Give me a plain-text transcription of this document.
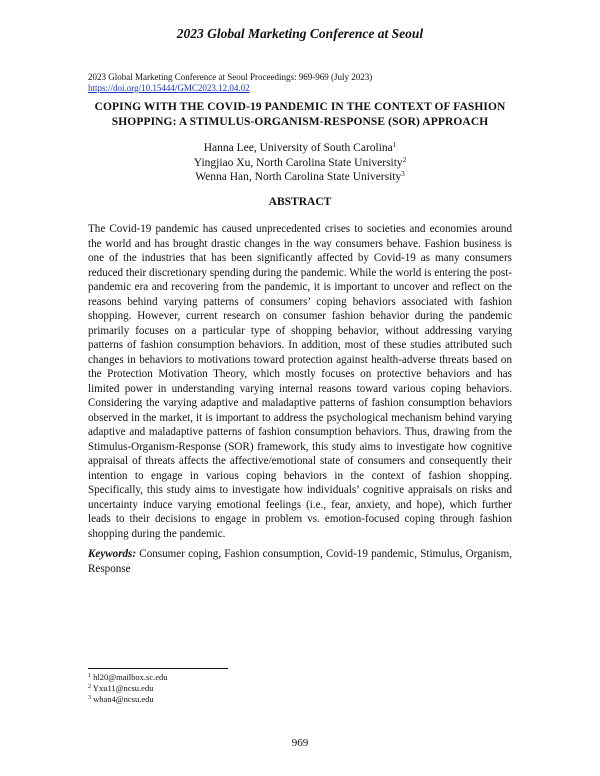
2023 Global Marketing Conference at Seoul
2023 Global Marketing Conference at Seoul Proceedings: 969-969 (July 2023)
https://doi.org/10.15444/GMC2023.12.04.02
COPING WITH THE COVID-19 PANDEMIC IN THE CONTEXT OF FASHION SHOPPING: A STIMULUS-ORGANISM-RESPONSE (SOR) APPROACH
Hanna Lee, University of South Carolina$^1$
Yingjiao Xu, North Carolina State University$^2$
Wenna Han, North Carolina State University$^3$
ABSTRACT

The Covid-19 pandemic has caused unprecedented crises to societies and economies around the world and has brought drastic changes in the way consumers behave. Fashion business is one of the industries that has been significantly affected by Covid-19 as many consumers reduced their discretionary spending during the pandemic. While the world is entering the post-pandemic era and recovering from the pandemic, it is important to uncover and reflect on the reasons behind varying patterns of consumers’ coping behaviors associated with fashion shopping. However, current research on consumer fashion behavior during the pandemic primarily focuses on a particular type of shopping behavior, without addressing varying patterns of fashion consumption behaviors. In addition, most of these studies attributed such changes in behaviors to motivations toward protection against health-adverse threats based on the Protection Motivation Theory, which mostly focuses on protective behaviors and has limited power in understanding varying internal reasons toward various coping behaviors. Considering the varying adaptive and maladaptive patterns of fashion consumption behaviors observed in the market, it is important to address the psychological mechanism behind varying adaptive and maladaptive patterns of fashion consumption behaviors. Thus, drawing from the Stimulus-Organism-Response (SOR) framework, this study aims to investigate how cognitive appraisal of threats affects the affective/emotional state of consumers and consequently their intention to engage in various coping behaviors in the context of fashion shopping. Specifically, this study aims to investigate how individuals’ cognitive appraisals on risks and uncertainty induce varying emotional feelings (i.e., fear, anxiety, and hope), which further leads to their decisions to engage in problem vs. emotion-focused coping through fashion shopping during the pandemic.

Keywords: Consumer coping, Fashion consumption, Covid-19 pandemic, Stimulus, Organism, Response

$^1$ hl20@mailbox.sc.edu
$^2$ Yxu11@ncsu.edu
$^3$ whan4@ncsu.edu
969
